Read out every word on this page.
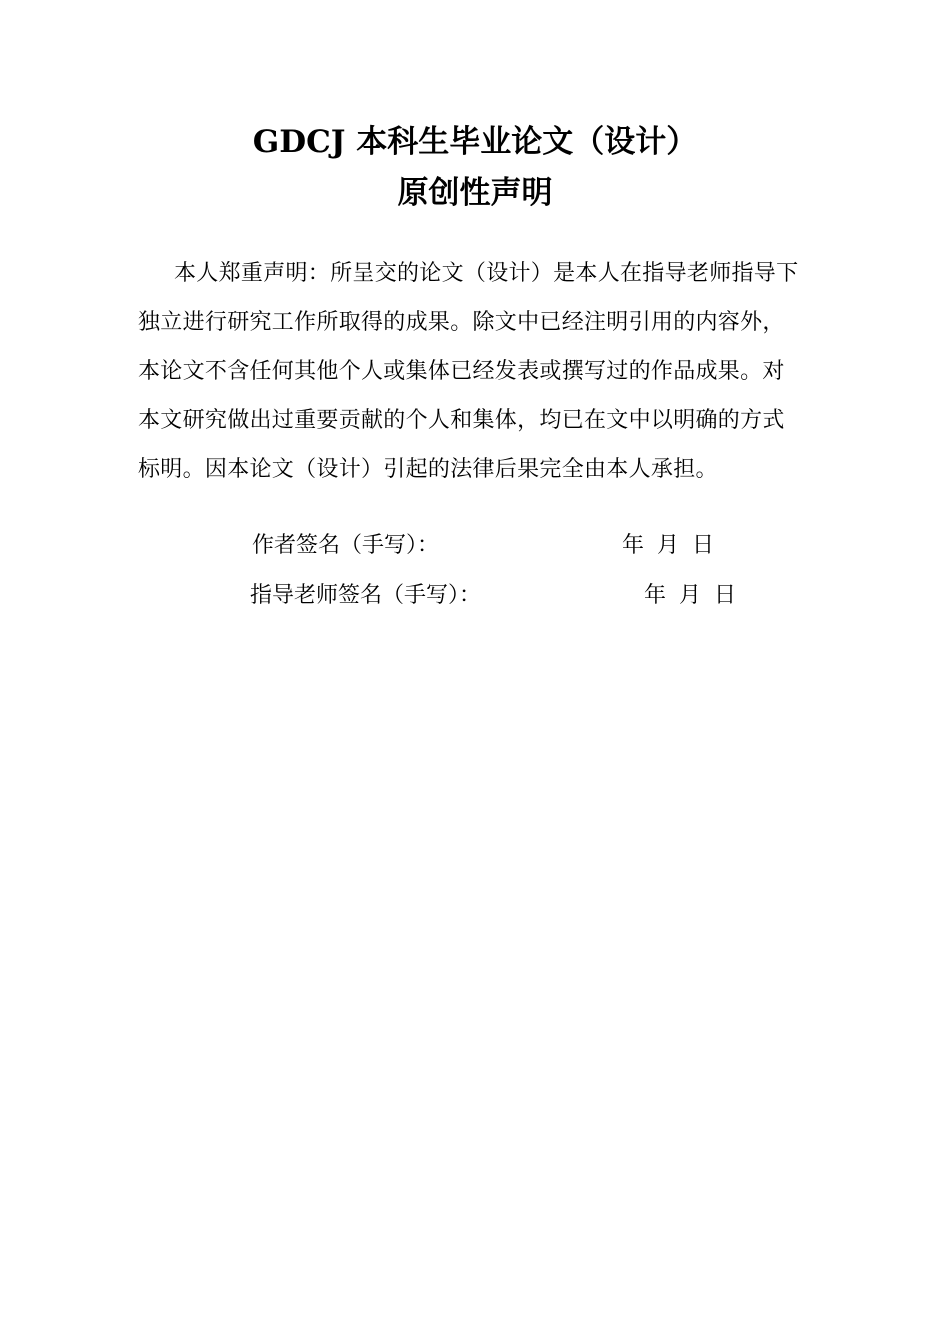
GDCJ 本科生毕业论文（设计）
原创性声明

本人郑重声明：所呈交的论文（设计）是本人在指导老师指导下

独立进行研究工作所取得的成果。除文中已经注明引用的内容外，

本论文不含任何其他个人或集体已经发表或撰写过的作品成果。对

本文研究做出过重要贡献的个人和集体，均已在文中以明确的方式

标明。因本论文（设计）引起的法律后果完全由本人承担。

作者签名（手写）：	年 月 日
指导老师签名（手写）：	年 月 日
